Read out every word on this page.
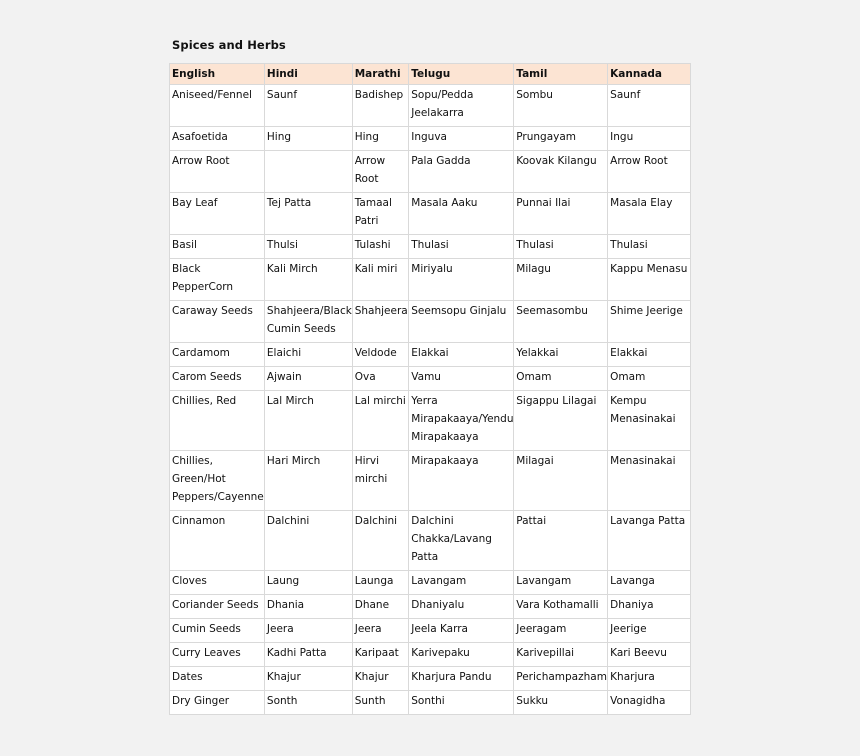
Spices and Herbs
English	Hindi	Marathi	Telugu	Tamil	Kannada
Aniseed/Fennel	Saunf	Badishep	Sopu/Pedda Jeelakarra	Sombu	Saunf
Asafoetida	Hing	Hing	Inguva	Prungayam	Ingu
Arrow Root		Arrow Root	Pala Gadda	Koovak Kilangu	Arrow Root
Bay Leaf	Tej Patta	Tamaal Patri	Masala Aaku	Punnai Ilai	Masala Elay
Basil	Thulsi	Tulashi	Thulasi	Thulasi	Thulasi
Black PepperCorn	Kali Mirch	Kali miri	Miriyalu	Milagu	Kappu Menasu
Caraway Seeds	Shahjeera/Black Cumin Seeds	Shahjeera	Seemsopu Ginjalu	Seemasombu	Shime Jeerige
Cardamom	Elaichi	Veldode	Elakkai	Yelakkai	Elakkai
Carom Seeds	Ajwain	Ova	Vamu	Omam	Omam
Chillies, Red	Lal Mirch	Lal mirchi	Yerra Mirapakaaya/Yendu Mirapakaaya	Sigappu Lilagai	Kempu Menasinakai
Chillies, Green/Hot Peppers/Cayenne	Hari Mirch	Hirvi mirchi	Mirapakaaya	Milagai	Menasinakai
Cinnamon	Dalchini	Dalchini	Dalchini Chakka/Lavang Patta	Pattai	Lavanga Patta
Cloves	Laung	Launga	Lavangam	Lavangam	Lavanga
Coriander Seeds	Dhania	Dhane	Dhaniyalu	Vara Kothamalli	Dhaniya
Cumin Seeds	Jeera	Jeera	Jeela Karra	Jeeragam	Jeerige
Curry Leaves	Kadhi Patta	Karipaat	Karivepaku	Karivepillai	Kari Beevu
Dates	Khajur	Khajur	Kharjura Pandu	Perichampazham	Kharjura
Dry Ginger	Sonth	Sunth	Sonthi	Sukku	Vonagidha
